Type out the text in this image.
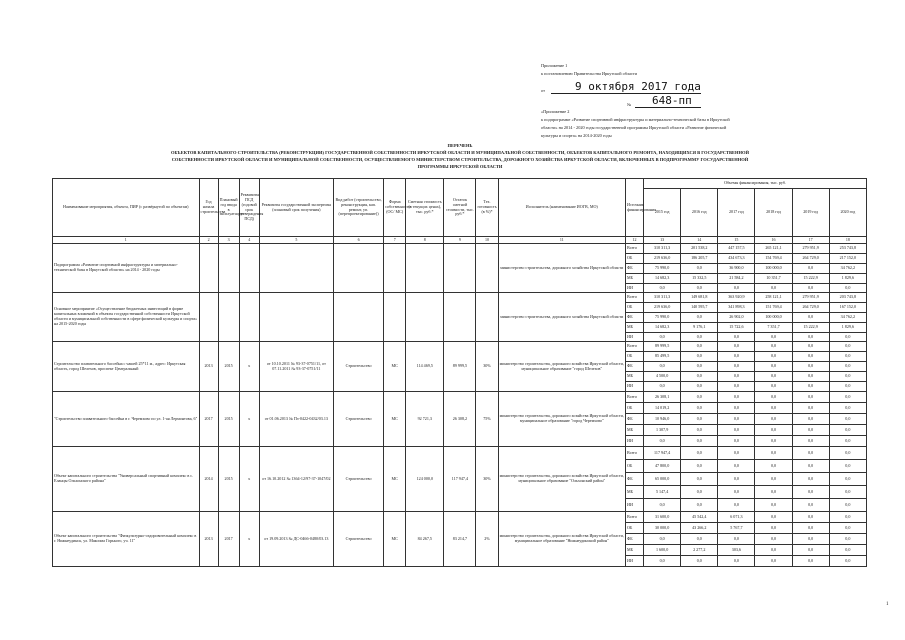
Приложение 1
к постановлению Правительства Иркутской области
от	9 октября 2017 года
№ 648-пп
«Приложение 2
к подпрограмме «Развитие спортивной инфраструктуры и материально-технической базы в Иркутской
области» на 2014 - 2020 годы государственной программы Иркутской области «Развитие физической
культуры и спорта» на 2014-2020 годы
ПЕРЕЧЕНЬ
ОБЪЕКТОВ КАПИТАЛЬНОГО СТРОИТЕЛЬСТВА (РЕКОНСТРУКЦИИ) ГОСУДАРСТВЕННОЙ СОБСТВЕННОСТИ ИРКУТСКОЙ ОБЛАСТИ И МУНИЦИПАЛЬНОЙ СОБСТВЕННОСТИ, ОБЪЕКТОВ КАПИТАЛЬНОГО РЕМОНТА, НАХОДЯЩИХСЯ В ГОСУДАРСТВЕННОЙ
СОБСТВЕННОСТИ ИРКУТСКОЙ ОБЛАСТИ И МУНИЦИПАЛЬНОЙ СОБСТВЕННОСТИ, ОСУЩЕСТВЛЯЕМОГО МИНИСТЕРСТВОМ СТРОИТЕЛЬСТВА, ДОРОЖНОГО ХОЗЯЙСТВА ИРКУТСКОЙ ОБЛАСТИ, ВКЛЮЧЕННЫХ В ПОДПРОГРАММУ ГОСУДАРСТВЕННОЙ
ПРОГРАММЫ ИРКУТСКОЙ ОБЛАСТИ
Наименование мероприятия, объекта, ПИР (с развёрнутой по объектам)	Год начала строительства	Плановый год ввода в эксплуатацию	Реквизиты ПСД (годовой срок утверждения ПСД)	Реквизиты государственной экспертизы (плановый срок получения)	Вид работ (строительство, реконструкция, кап. ремонт, уп. (перепроектирование))	Форма собственности (ОС/ МС)	Сметная стоимость (в текущих ценах), тыс. руб.*	Остаток сметной стоимости, тыс. руб.*	Тех. готовность (в %)*	Исполнитель (наименование ИОГВ, МО)	Источник финансирования	Объемы финансирования, тыс. руб.					
												2015 год	2016 год	2017 год	2018 год	2019 год	2020 год
1	2	3	4	5	6	7	8	9	10	11	12	13	14	15	16	17	18
Подпрограмма «Развитие спортивной инфраструктуры и материально-технической базы в Иркутской области» на 2014 - 2020 годы										министерство строительства, дорожного хозяйства Иркутской области	Всего	310 311,3	201 538,2	447 157,5	265 121,1	279 951,9	253 743,8
											ОБ	219 636,0	186 205,7	434 673,3	154 769,4	264 729,0	217 152,0
											ФБ	75 990,0	0,0	36 900,0	100 000,0	0,0	34 762,2
											МБ	14 682,3	15 332,5	21 584,2	10 351,7	15 222,9	1 829,6
											ИИ	0,0	0,0	0,0	0,0	0,0	0,0
Основное мероприятие «Осуществление бюджетных инвестиций в форме капитальных вложений в объекты государственной собственности Иркутской области и муниципальной собственности в сфере физической культуры и спорта» на 2015-2020 годы										министерство строительства, дорожного хозяйства Иркутской области	Всего	310 311,3	149 681,8	363 920,9	258 121,1	279 951,9	203 743,8
											ОБ	219 636,0	140 595,7	341 898,3	151 769,4	264 729,0	167 152,0
											ФБ	75 990,0	0,0	26 902,0	100 000,0	0,0	34 762,2
											МБ	14 682,3	9 176,1	15 722,6	7 351,7	15 222,9	1 829,6
											ИИ	0,0	0,0	0,0	0,0	0,0	0,0
Строительство плавательного бассейна с чашей 25*11 м., адрес: Иркутская область, город Шелехов, проспект Центральный	2013	2015	x	от 10.10.2011 № 93-37-0751/11, от 07.11.2011 № 93-37-0751/11	Строительство	МС	114 469,5	89 999,5	30%	министерство строительства, дорожного хозяйства Иркутской области, муниципальное образование "город Шелехов"	Всего	89 999,5	0,0	0,0	0,0	0,0	0,0
											ОБ	85 499,5	0,0	0,0	0,0	0,0	0,0
											ФБ	0,0	0,0	0,0	0,0	0,0	0,0
											МБ	4 500,0	0,0	0,0	0,0	0,0	0,0
											ИИ	0,0	0,0	0,0	0,0	0,0	0,0
"Строительство плавательного бассейна в г. Черемхово по ул. 1-ая Лермонтова, 6"	2017	2015	x	от 01.06.2013 № Пз-0422-0432/03.13	Строительство	МС	92 721,3	26 308,2	75%	министерство строительства, дорожного хозяйства Иркутской области, муниципальное образование "город Черемхово"	Всего	26 308,1	0,0	0,0	0,0	0,0	0,0
											ОБ	14 019,2	0,0	0,0	0,0	0,0	0,0
											ФБ	10 946,0	0,0	0,0	0,0	0,0	0,0
											МБ	1 307,9	0,0	0,0	0,0	0,0	0,0
											ИИ	0,0	0,0	0,0	0,0	0,0	0,0
Объект капитального строительства "Универсальный спортивный комплекс в с. Еланцы Ольхонского района"	2014	2015	x	от 16.10.2012 № 1364-12/97-37-1047/02	Строительство	МС	124 000,0	117 947,4	30%	министерство строительства, дорожного хозяйства Иркутской области, муниципальное образование "Ольхонский район"	Всего	117 947,4	0,0	0,0	0,0	0,0	0,0
											ОБ	47 800,0	0,0	0,0	0,0	0,0	0,0
											ФБ	65 000,0	0,0	0,0	0,0	0,0	0,0
											МБ	5 147,4	0,0	0,0	0,0	0,0	0,0
											ИИ	0,0	0,0	0,0	0,0	0,0	0,0
Объект капитального строительства "Физкультурно-оздоровительный комплекс в г. Нижнеудинск, ул. Максима Горького, уч. 11"	2013	2017	x	от 19.09.2013 № ДС-0466-0480/03.13	Строительство	МС	84 267,5	83 214,7	2%	министерство строительства, дорожного хозяйства Иркутской области, муниципальное образование "Нижнеудинский район"	Всего	31 600,0	45 542,4	6 071,3	0,0	0,0	0,0
											ОБ	30 000,0	43 266,2	5 767,7	0,0	0,0	0,0
											ФБ	0,0	0,0	0,0	0,0	0,0	0,0
											МБ	1 600,0	2 277,2	303,6	0,0	0,0	0,0
											ИИ	0,0	0,0	0,0	0,0	0,0	0,0
1
